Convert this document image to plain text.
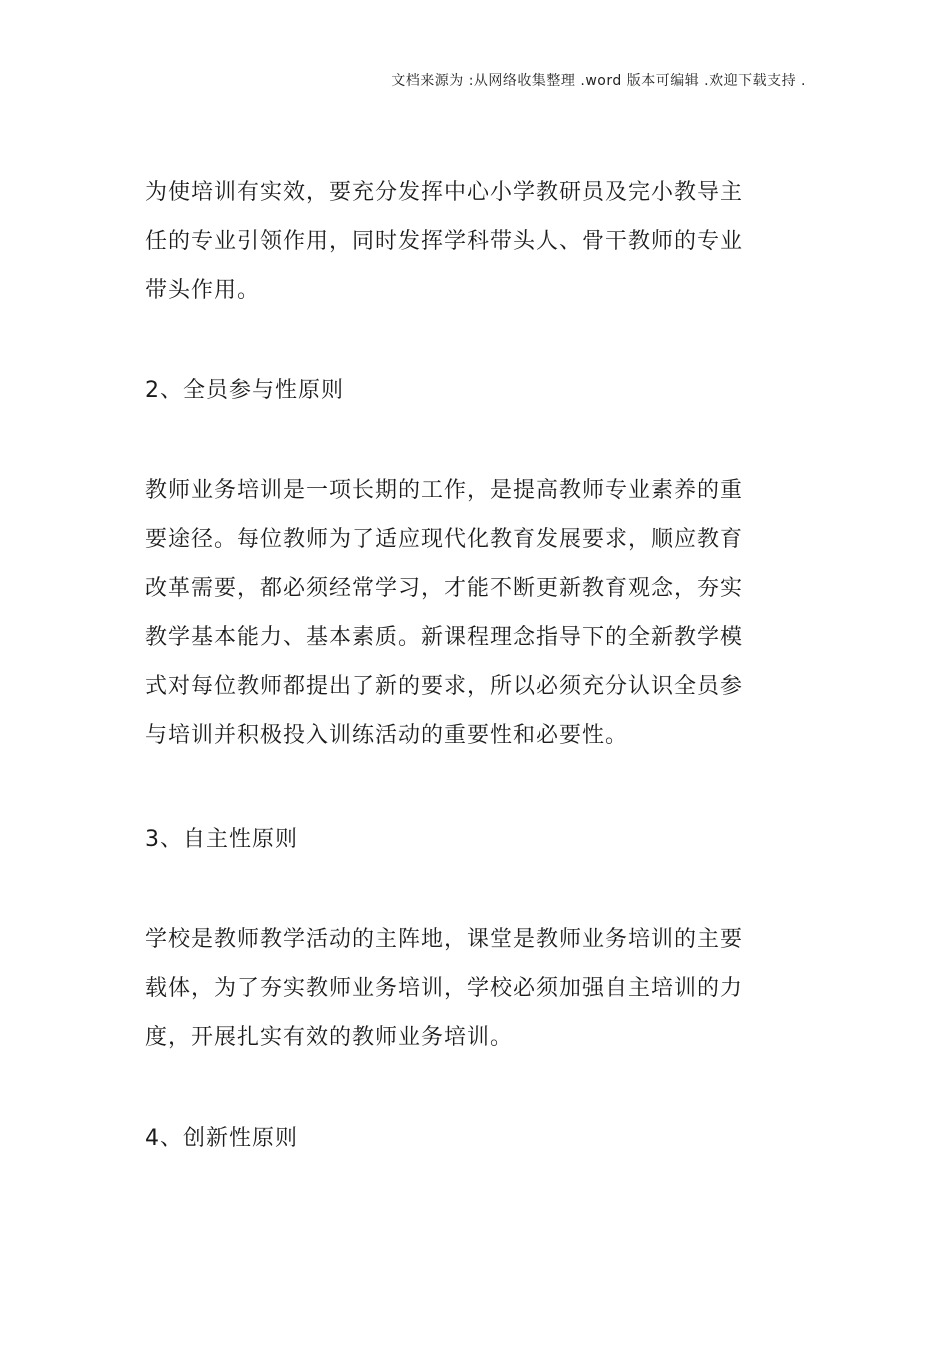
文档来源为 :从网络收集整理 .word 版本可编辑 .欢迎下载支持 .

为使培训有实效，要充分发挥中心小学教研员及完小教导主任的专业引领作用，同时发挥学科带头人、骨干教师的专业带头作用。

2、全员参与性原则

教师业务培训是一项长期的工作，是提高教师专业素养的重要途径。每位教师为了适应现代化教育发展要求，顺应教育改革需要，都必须经常学习，才能不断更新教育观念，夯实教学基本能力、基本素质。新课程理念指导下的全新教学模式对每位教师都提出了新的要求，所以必须充分认识全员参与培训并积极投入训练活动的重要性和必要性。

3、自主性原则

学校是教师教学活动的主阵地，课堂是教师业务培训的主要载体，为了夯实教师业务培训，学校必须加强自主培训的力度，开展扎实有效的教师业务培训。

4、创新性原则
